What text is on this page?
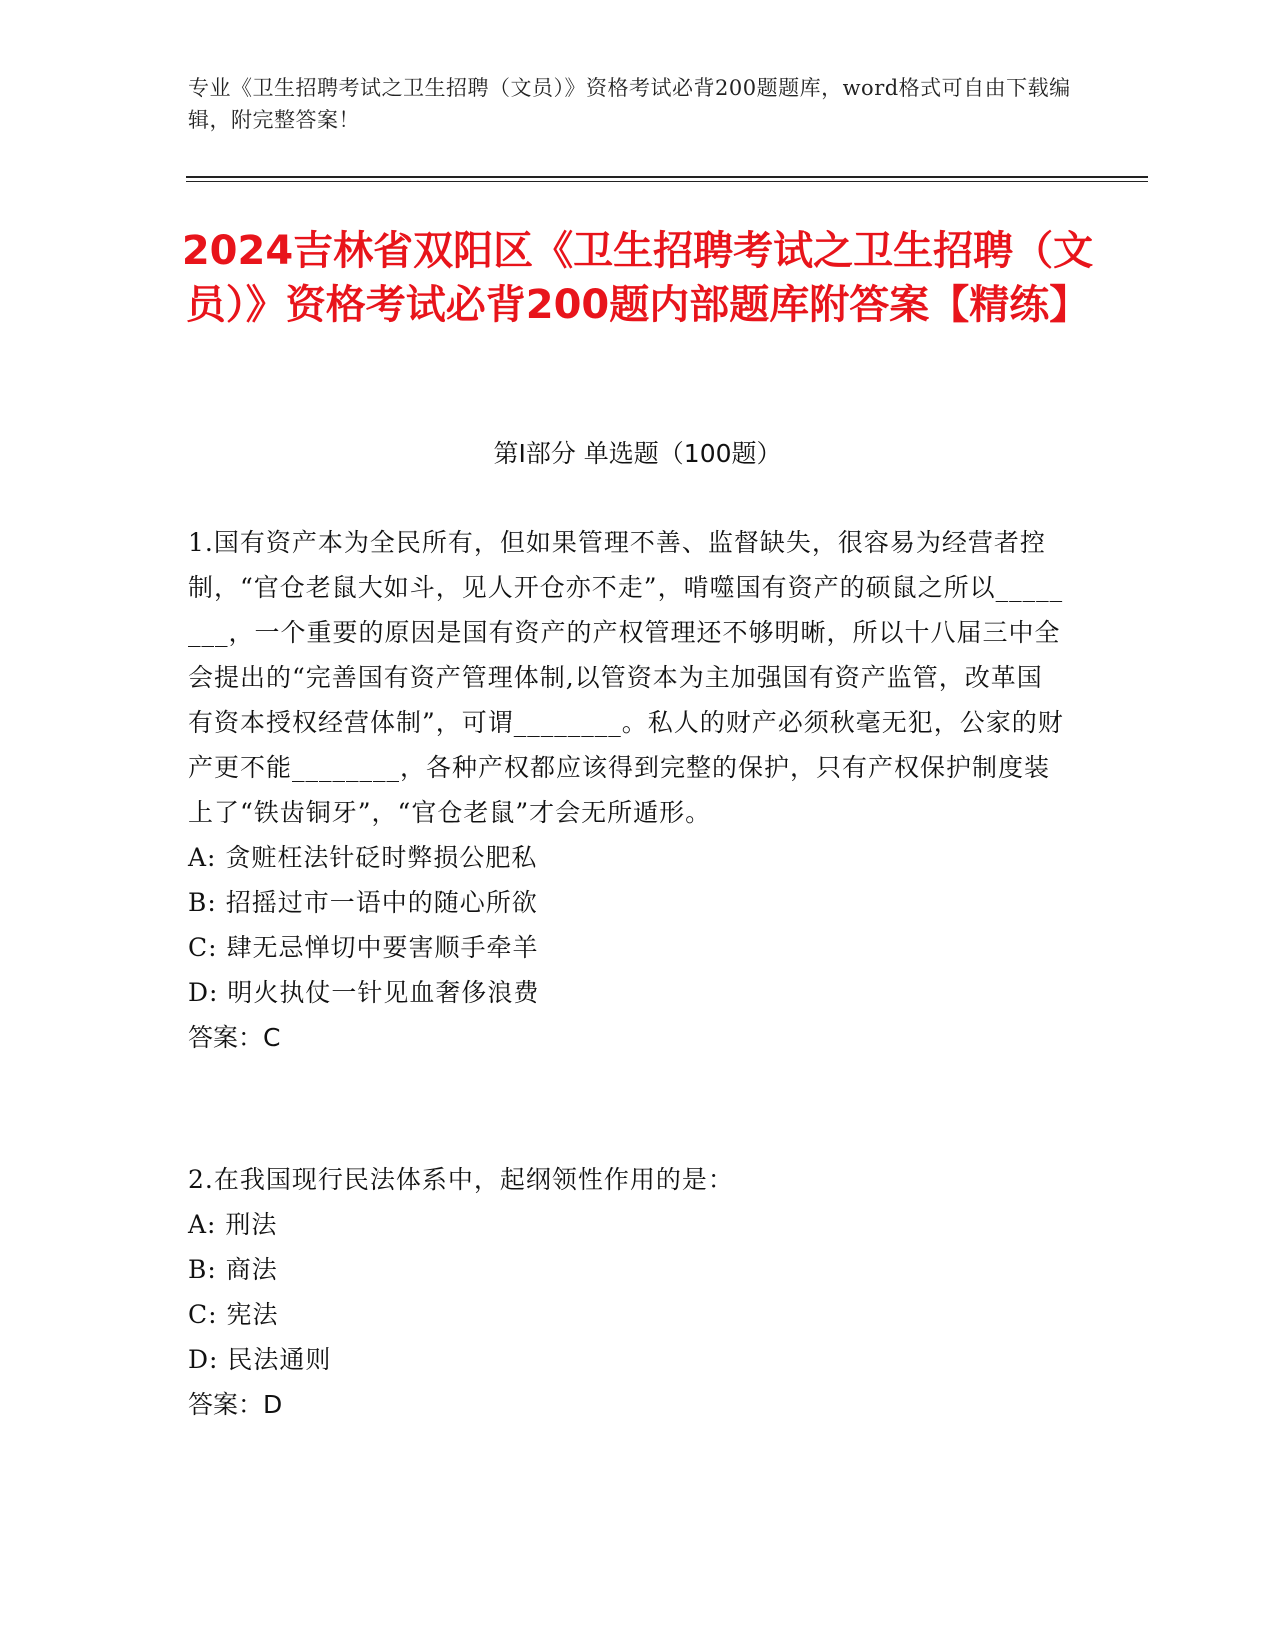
专业《卫生招聘考试之卫生招聘（文员）》资格考试必背200题题库，word格式可自由下载编辑，附完整答案！
2024吉林省双阳区《卫生招聘考试之卫生招聘（文员）》资格考试必背200题内部题库附答案【精练】
第I部分 单选题（100题）

1.国有资产本为全民所有，但如果管理不善、监督缺失，很容易为经营者控制，“官仓老鼠大如斗，见人开仓亦不走”，啃噬国有资产的硕鼠之所以________，一个重要的原因是国有资产的产权管理还不够明晰，所以十八届三中全会提出的“完善国有资产管理体制,以管资本为主加强国有资产监管，改革国有资本授权经营体制”，可谓________。私人的财产必须秋毫无犯，公家的财产更不能________，各种产权都应该得到完整的保护，只有产权保护制度装上了“铁齿铜牙”，“官仓老鼠”才会无所遁形。

A: 贪赃枉法针砭时弊损公肥私

B: 招摇过市一语中的随心所欲

C: 肆无忌惮切中要害顺手牵羊

D: 明火执仗一针见血奢侈浪费

答案：C

2.在我国现行民法体系中，起纲领性作用的是：

A: 刑法

B: 商法

C: 宪法

D: 民法通则

答案：D
